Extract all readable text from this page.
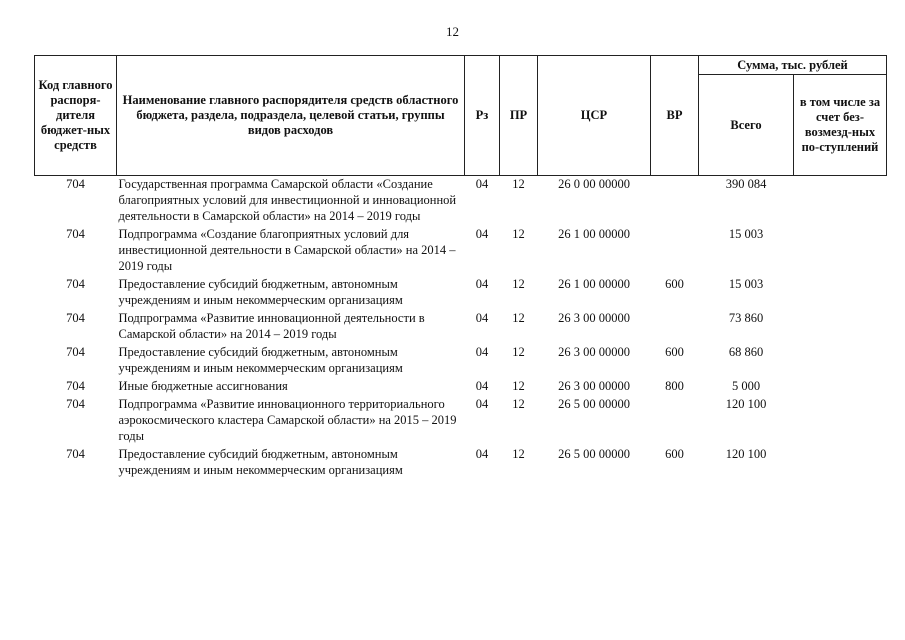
12
Код главного распоря-дителя бюджет-ных средств	Наименование главного распорядителя средств областного бюджета, раздела, подраздела, целевой статьи, группы видов расходов	Рз	ПР	ЦСР	ВР	Сумма, тыс. рублей	
						Всего	в том числе за счет без-возмезд-ных по-ступлений
704	Государственная программа Самарской области «Создание благоприятных условий для инвестиционной и инновационной деятельности в Самарской области» на 2014 – 2019 годы	04	12	26 0 00 00000		390 084	
704	Подпрограмма «Создание благоприятных условий для инвестиционной деятельности в Самарской области» на 2014 – 2019 годы	04	12	26 1 00 00000		15 003	
704	Предоставление субсидий бюджетным, автономным учреждениям и иным некоммерческим организациям	04	12	26 1 00 00000	600	15 003	
704	Подпрограмма «Развитие инновационной деятельности в Самарской области» на 2014 – 2019 годы	04	12	26 3 00 00000		73 860	
704	Предоставление субсидий бюджетным, автономным учреждениям и иным некоммерческим организациям	04	12	26 3 00 00000	600	68 860	
704	Иные бюджетные ассигнования	04	12	26 3 00 00000	800	5 000	
704	Подпрограмма «Развитие инновационного территориального аэрокосмического кластера Самарской области» на 2015 – 2019 годы	04	12	26 5 00 00000		120 100	
704	Предоставление субсидий бюджетным, автономным учреждениям и иным некоммерческим организациям	04	12	26 5 00 00000	600	120 100	
